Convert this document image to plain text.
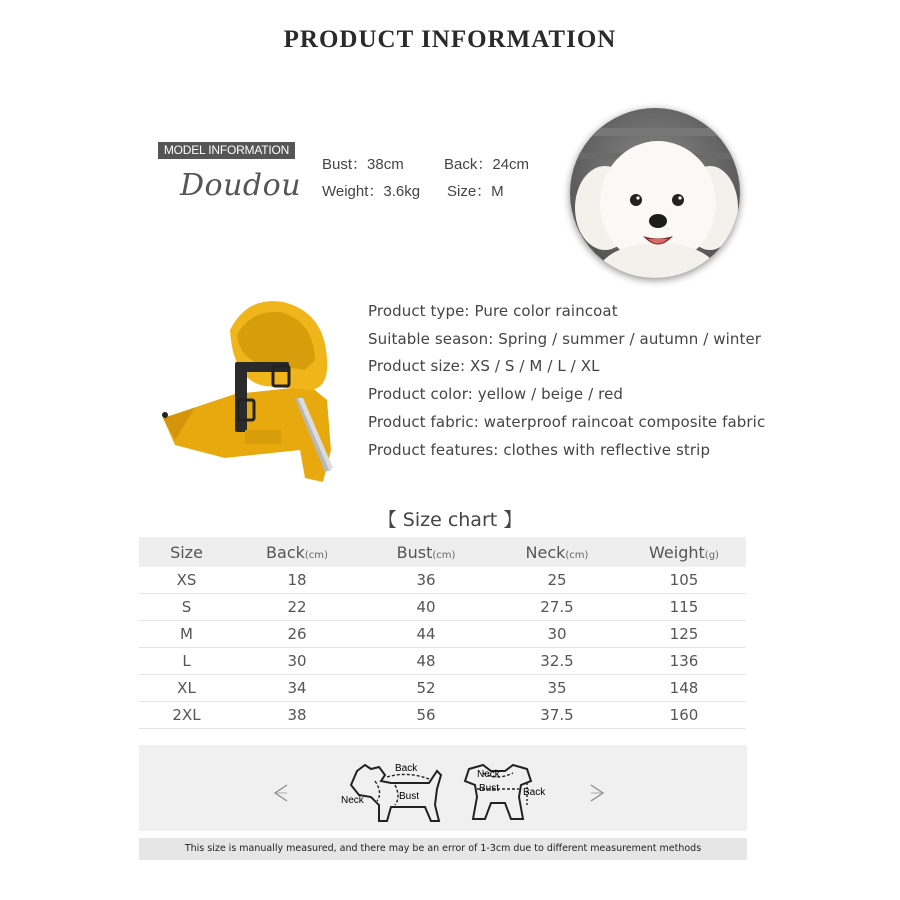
PRODUCT INFORMATION
MODEL INFORMATION
Doudou
Bust：38cm	Back：24cm
Weight：3.6kg Size：M
Product type: Pure color raincoat
Suitable season: Spring / summer / autumn / winter
Product size: XS / S / M / L / XL
Product color: yellow / beige / red
Product fabric: waterproof raincoat composite fabric
Product features: clothes with reflective strip
【 Size chart 】
Size	Back(cm)	Bust(cm)	Neck(cm)	Weight(g)
XS	18	36	25	105
S	22	40	27.5	115
M	26	44	30	125
L	30	48	32.5	136
XL	34	52	35	148
2XL	38	56	37.5	160
Back
Neck	Bust
Neck
Bust Back
This size is manually measured, and there may be an error of 1-3cm due to different measurement methods
